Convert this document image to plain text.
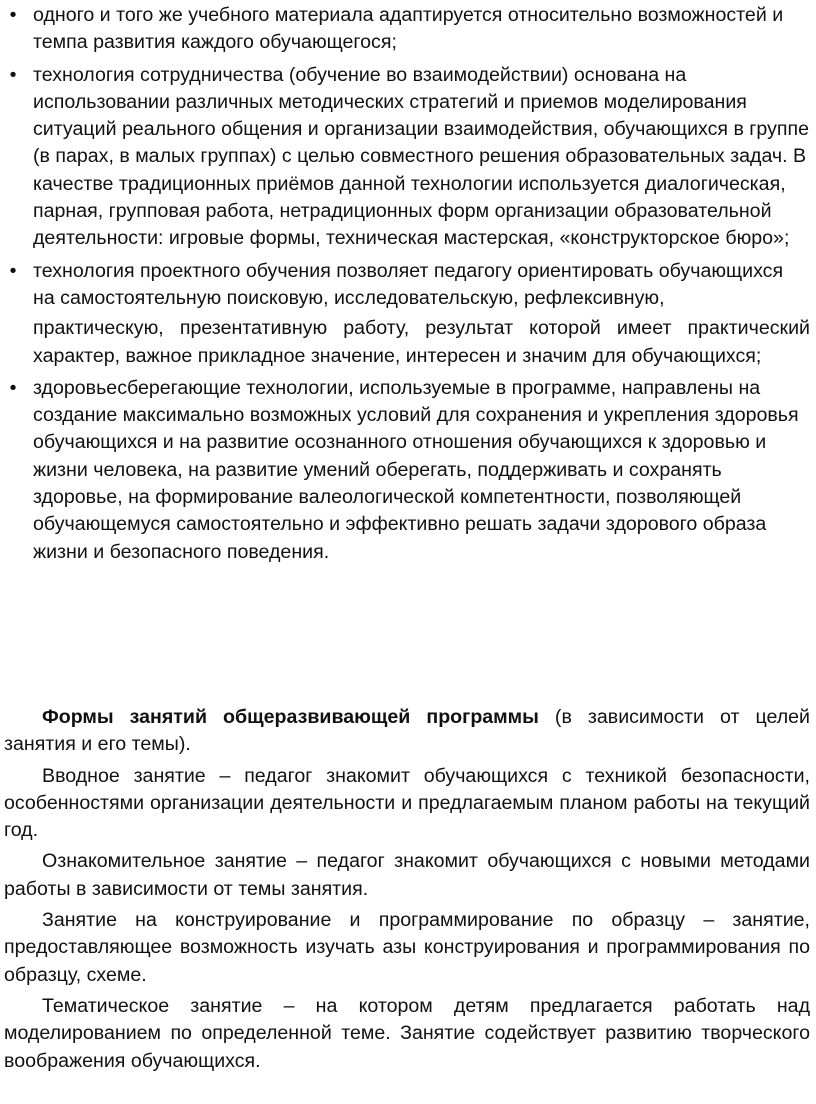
• одного и того же учебного материала адаптируется относительно возможностей и темпа развития каждого обучающегося;
• технология сотрудничества (обучение во взаимодействии) основана на использовании различных методических стратегий и приемов моделирования ситуаций реального общения и организации взаимодействия, обучающихся в группе (в парах, в малых группах) с целью совместного решения образовательных задач. В качестве традиционных приёмов данной технологии используется диалогическая, парная, групповая работа, нетрадиционных форм организации образовательной деятельности: игровые формы, техническая мастерская, «конструкторское бюро»;
• технология проектного обучения позволяет педагогу ориентировать обучающихся на самостоятельную поисковую, исследовательскую, рефлексивную,
практическую, презентативную работу, результат которой имеет практический характер, важное прикладное значение, интересен и значим для обучающихся;
• здоровьесберегающие технологии, используемые в программе, направлены на создание максимально возможных условий для сохранения и укрепления здоровья обучающихся и на развитие осознанного отношения обучающихся к здоровью и жизни человека, на развитие умений оберегать, поддерживать и сохранять здоровье, на формирование валеологической компетентности, позволяющей обучающемуся самостоятельно и эффективно решать задачи здорового образа жизни и безопасного поведения.

Формы занятий общеразвивающей программы (в зависимости от целей занятия и его темы).

Вводное занятие – педагог знакомит обучающихся с техникой безопасности, особенностями организации деятельности и предлагаемым планом работы на текущий год.

Ознакомительное занятие – педагог знакомит обучающихся с новыми методами работы в зависимости от темы занятия.

Занятие на конструирование и программирование по образцу – занятие, предоставляющее возможность изучать азы конструирования и программирования по образцу, схеме.

Тематическое занятие – на котором детям предлагается работать над моделированием по определенной теме. Занятие содействует развитию творческого воображения обучающихся.
